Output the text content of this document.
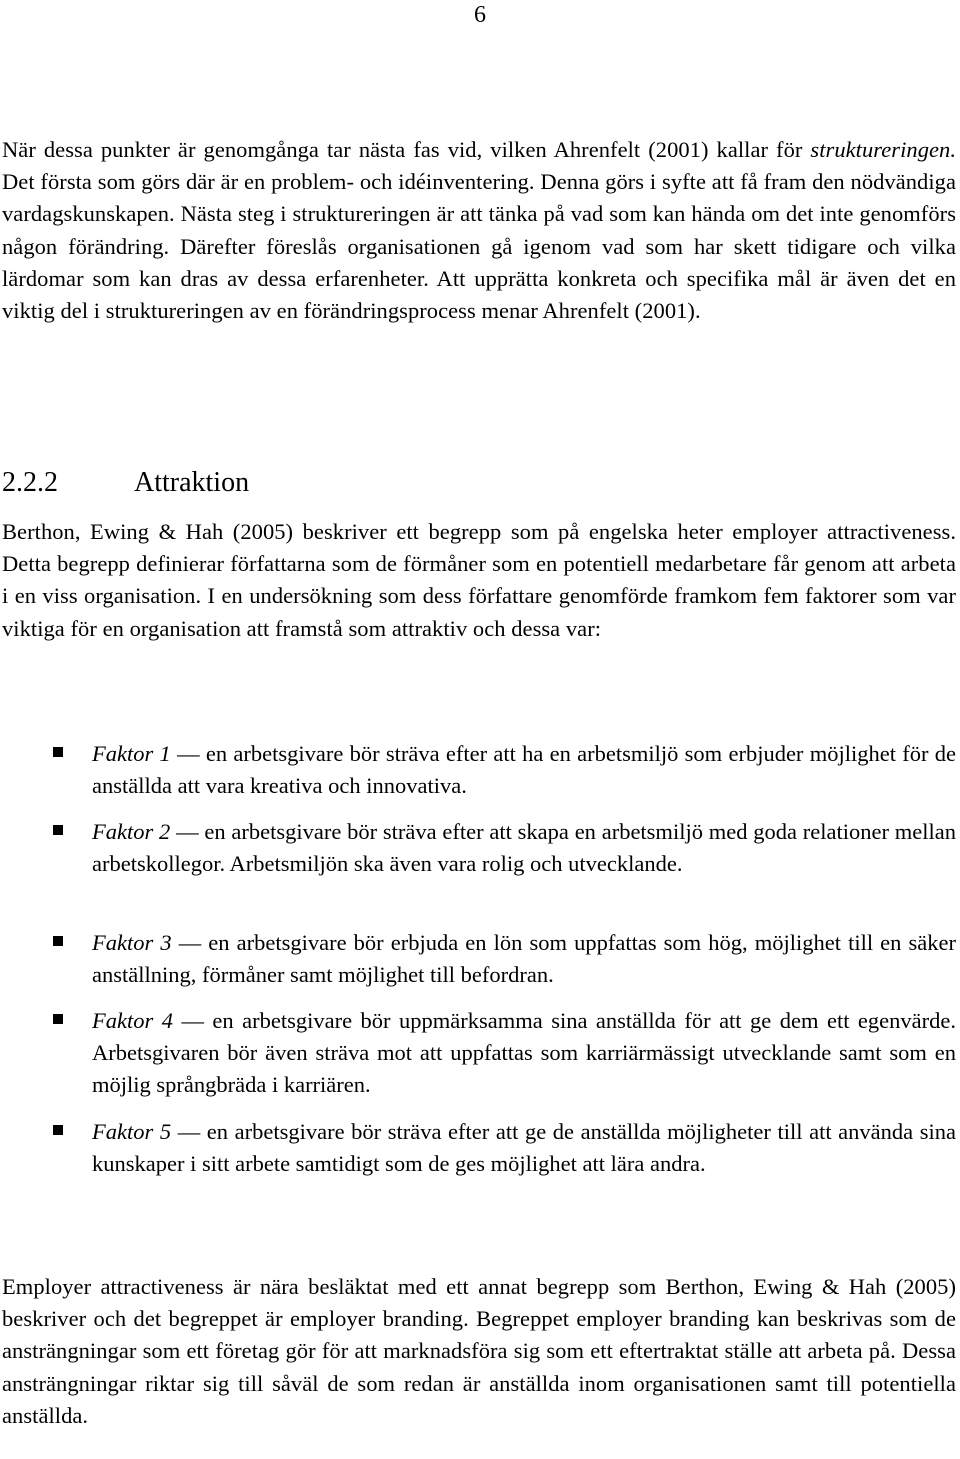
6

När dessa punkter är genomgånga tar nästa fas vid, vilken Ahrenfelt (2001) kallar för struktureringen. Det första som görs där är en problem- och idéinventering. Denna görs i syfte att få fram den nödvändiga vardagskunskapen. Nästa steg i struktureringen är att tänka på vad som kan hända om det inte genomförs någon förändring. Därefter föreslås organisationen gå igenom vad som har skett tidigare och vilka lärdomar som kan dras av dessa erfarenheter. Att upprätta konkreta och specifika mål är även det en viktig del i struktureringen av en förändringsprocess menar Ahrenfelt (2001).

2.2.2	Attraktion

Berthon, Ewing & Hah (2005) beskriver ett begrepp som på engelska heter employer attractiveness. Detta begrepp definierar författarna som de förmåner som en potentiell medarbetare får genom att arbeta i en viss organisation. I en undersökning som dess författare genomförde framkom fem faktorer som var viktiga för en organisation att framstå som attraktiv och dessa var:

Faktor 1 — en arbetsgivare bör sträva efter att ha en arbetsmiljö som erbjuder möjlighet för de anställda att vara kreativa och innovativa.

Faktor 2 — en arbetsgivare bör sträva efter att skapa en arbetsmiljö med goda relationer mellan arbetskollegor. Arbetsmiljön ska även vara rolig och utvecklande.

Faktor 3 — en arbetsgivare bör erbjuda en lön som uppfattas som hög, möjlighet till en säker anställning, förmåner samt möjlighet till befordran.

Faktor 4 — en arbetsgivare bör uppmärksamma sina anställda för att ge dem ett egenvärde. Arbetsgivaren bör även sträva mot att uppfattas som karriärmässigt utvecklande samt som en möjlig språngbräda i karriären.

Faktor 5 — en arbetsgivare bör sträva efter att ge de anställda möjligheter till att använda sina kunskaper i sitt arbete samtidigt som de ges möjlighet att lära andra.

Employer attractiveness är nära besläktat med ett annat begrepp som Berthon, Ewing & Hah (2005) beskriver och det begreppet är employer branding. Begreppet employer branding kan beskrivas som de ansträngningar som ett företag gör för att marknadsföra sig som ett eftertraktat ställe att arbeta på. Dessa ansträngningar riktar sig till såväl de som redan är anställda inom organisationen samt till potentiella anställda.
